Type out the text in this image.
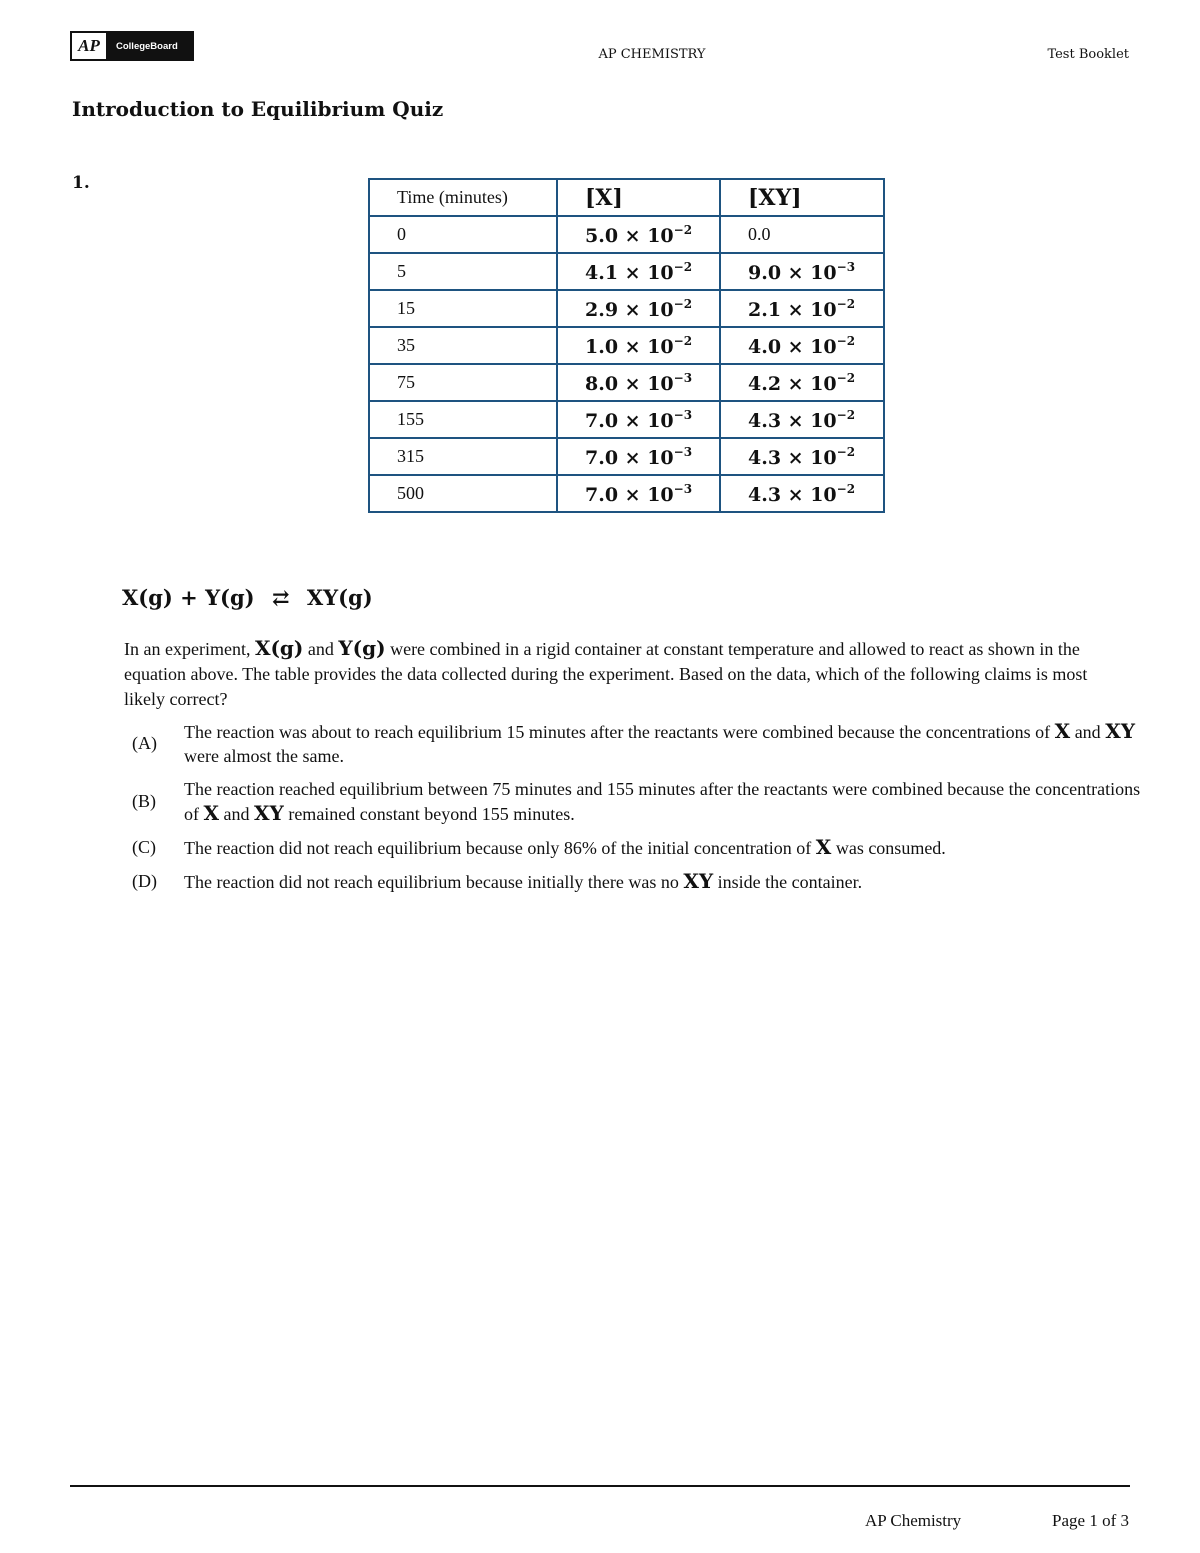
AP	CollegeBoard
AP CHEMISTRY	Test Booklet
Introduction to Equilibrium Quiz
1.
Time (minutes)	[X]	[XY]
0	$5.0 \times 10^{-2}$	0.0
5	$4.1 \times 10^{-2}$	$9.0 \times 10^{-3}$
15	$2.9 \times 10^{-2}$	$2.1 \times 10^{-2}$
35	$1.0 \times 10^{-2}$	$4.0 \times 10^{-2}$
75	$8.0 \times 10^{-3}$	$4.2 \times 10^{-2}$
155	$7.0 \times 10^{-3}$	$4.3 \times 10^{-2}$
315	$7.0 \times 10^{-3}$	$4.3 \times 10^{-2}$
500	$7.0 \times 10^{-3}$	$4.3 \times 10^{-2}$
X(g) + Y(g) ⇄ XY(g)
In an experiment, X(g) and Y(g) were combined in a rigid container at constant temperature and allowed to react as shown in the equation above. The table provides the data collected during the experiment. Based on the data, which of the following claims is most likely correct?
(A)
The reaction was about to reach equilibrium 15 minutes after the reactants were combined because the concentrations of X and XY were almost the same.
(B)
The reaction reached equilibrium between 75 minutes and 155 minutes after the reactants were combined because the concentrations of X and XY remained constant beyond 155 minutes.
(C)	The reaction did not reach equilibrium because only 86% of the initial concentration of X was consumed.
(D)	The reaction did not reach equilibrium because initially there was no XY inside the container.
AP Chemistry	Page 1 of 3
